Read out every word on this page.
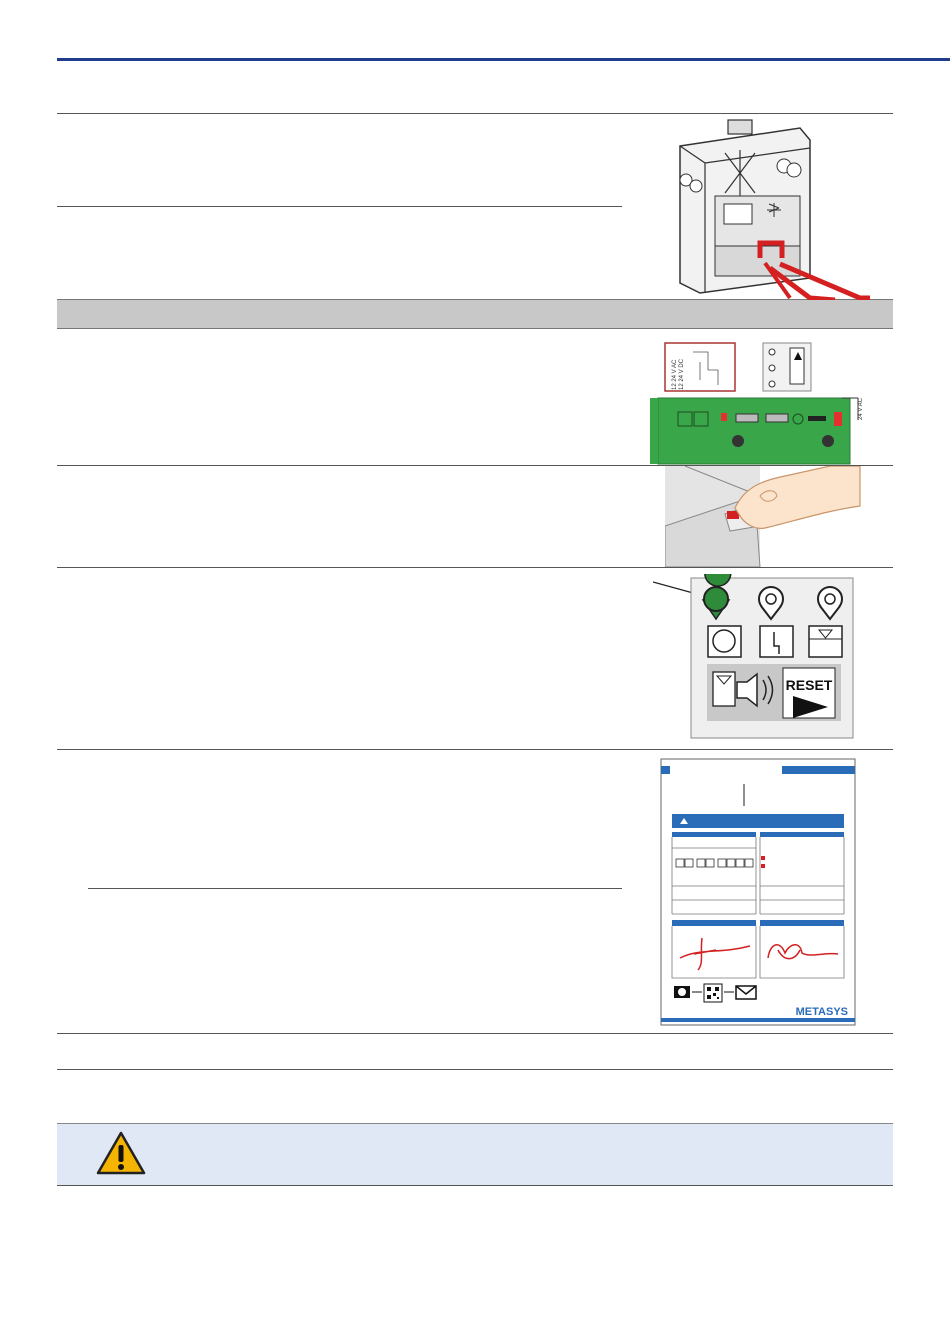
12 24 V AC 12 24 V DC
24 V AC
RESET
METASYS
